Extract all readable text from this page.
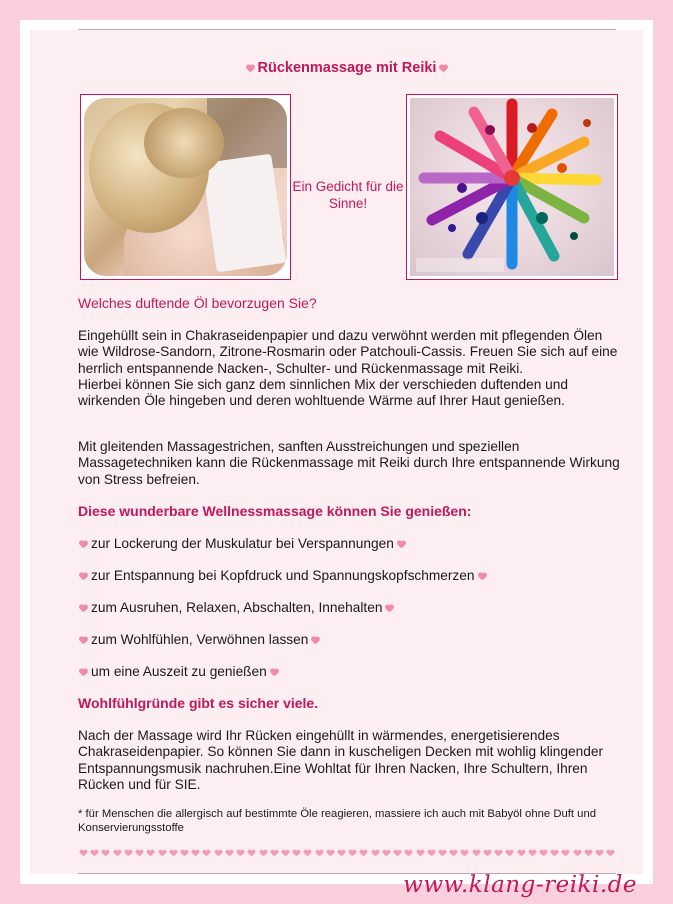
Rückenmassage mit Reiki
Ein Gedicht für die Sinne!
Welches duftende Öl bevorzugen Sie?
Eingehüllt sein in Chakraseidenpapier und dazu verwöhnt werden mit pflegenden Ölen wie Wildrose-Sandorn, Zitrone-Rosmarin oder Patchouli-Cassis. Freuen Sie sich auf eine herrlich entspannende Nacken-, Schulter- und Rückenmassage mit Reiki.
Hierbei können Sie sich ganz dem sinnlichen Mix der verschieden duftenden und wirkenden Öle hingeben und deren wohltuende Wärme auf Ihrer Haut genießen.
Mit gleitenden Massagestrichen, sanften Ausstreichungen und speziellen Massagetechniken kann die Rückenmassage mit Reiki durch Ihre entspannende Wirkung von Stress befreien.
Diese wunderbare Wellnessmassage können Sie genießen:
zur Lockerung der Muskulatur bei Verspannungen
zur Entspannung bei Kopfdruck und Spannungskopfschmerzen
zum Ausruhen, Relaxen, Abschalten, Innehalten
zum Wohlfühlen, Verwöhnen lassen
um eine Auszeit zu genießen
Wohlfühlgründe gibt es sicher viele.
Nach der Massage wird Ihr Rücken eingehüllt in wärmendes, energetisierendes Chakraseidenpapier. So können Sie dann in kuscheligen Decken mit wohlig klingender Entspannungsmusik nachruhen.Eine Wohltat für Ihren Nacken, Ihre Schultern, Ihren Rücken und für SIE.
* für Menschen die allergisch auf bestimmte Öle reagieren, massiere ich auch mit Babyöl ohne Duft und Konservierungsstoffe
www.klang-reiki.de
